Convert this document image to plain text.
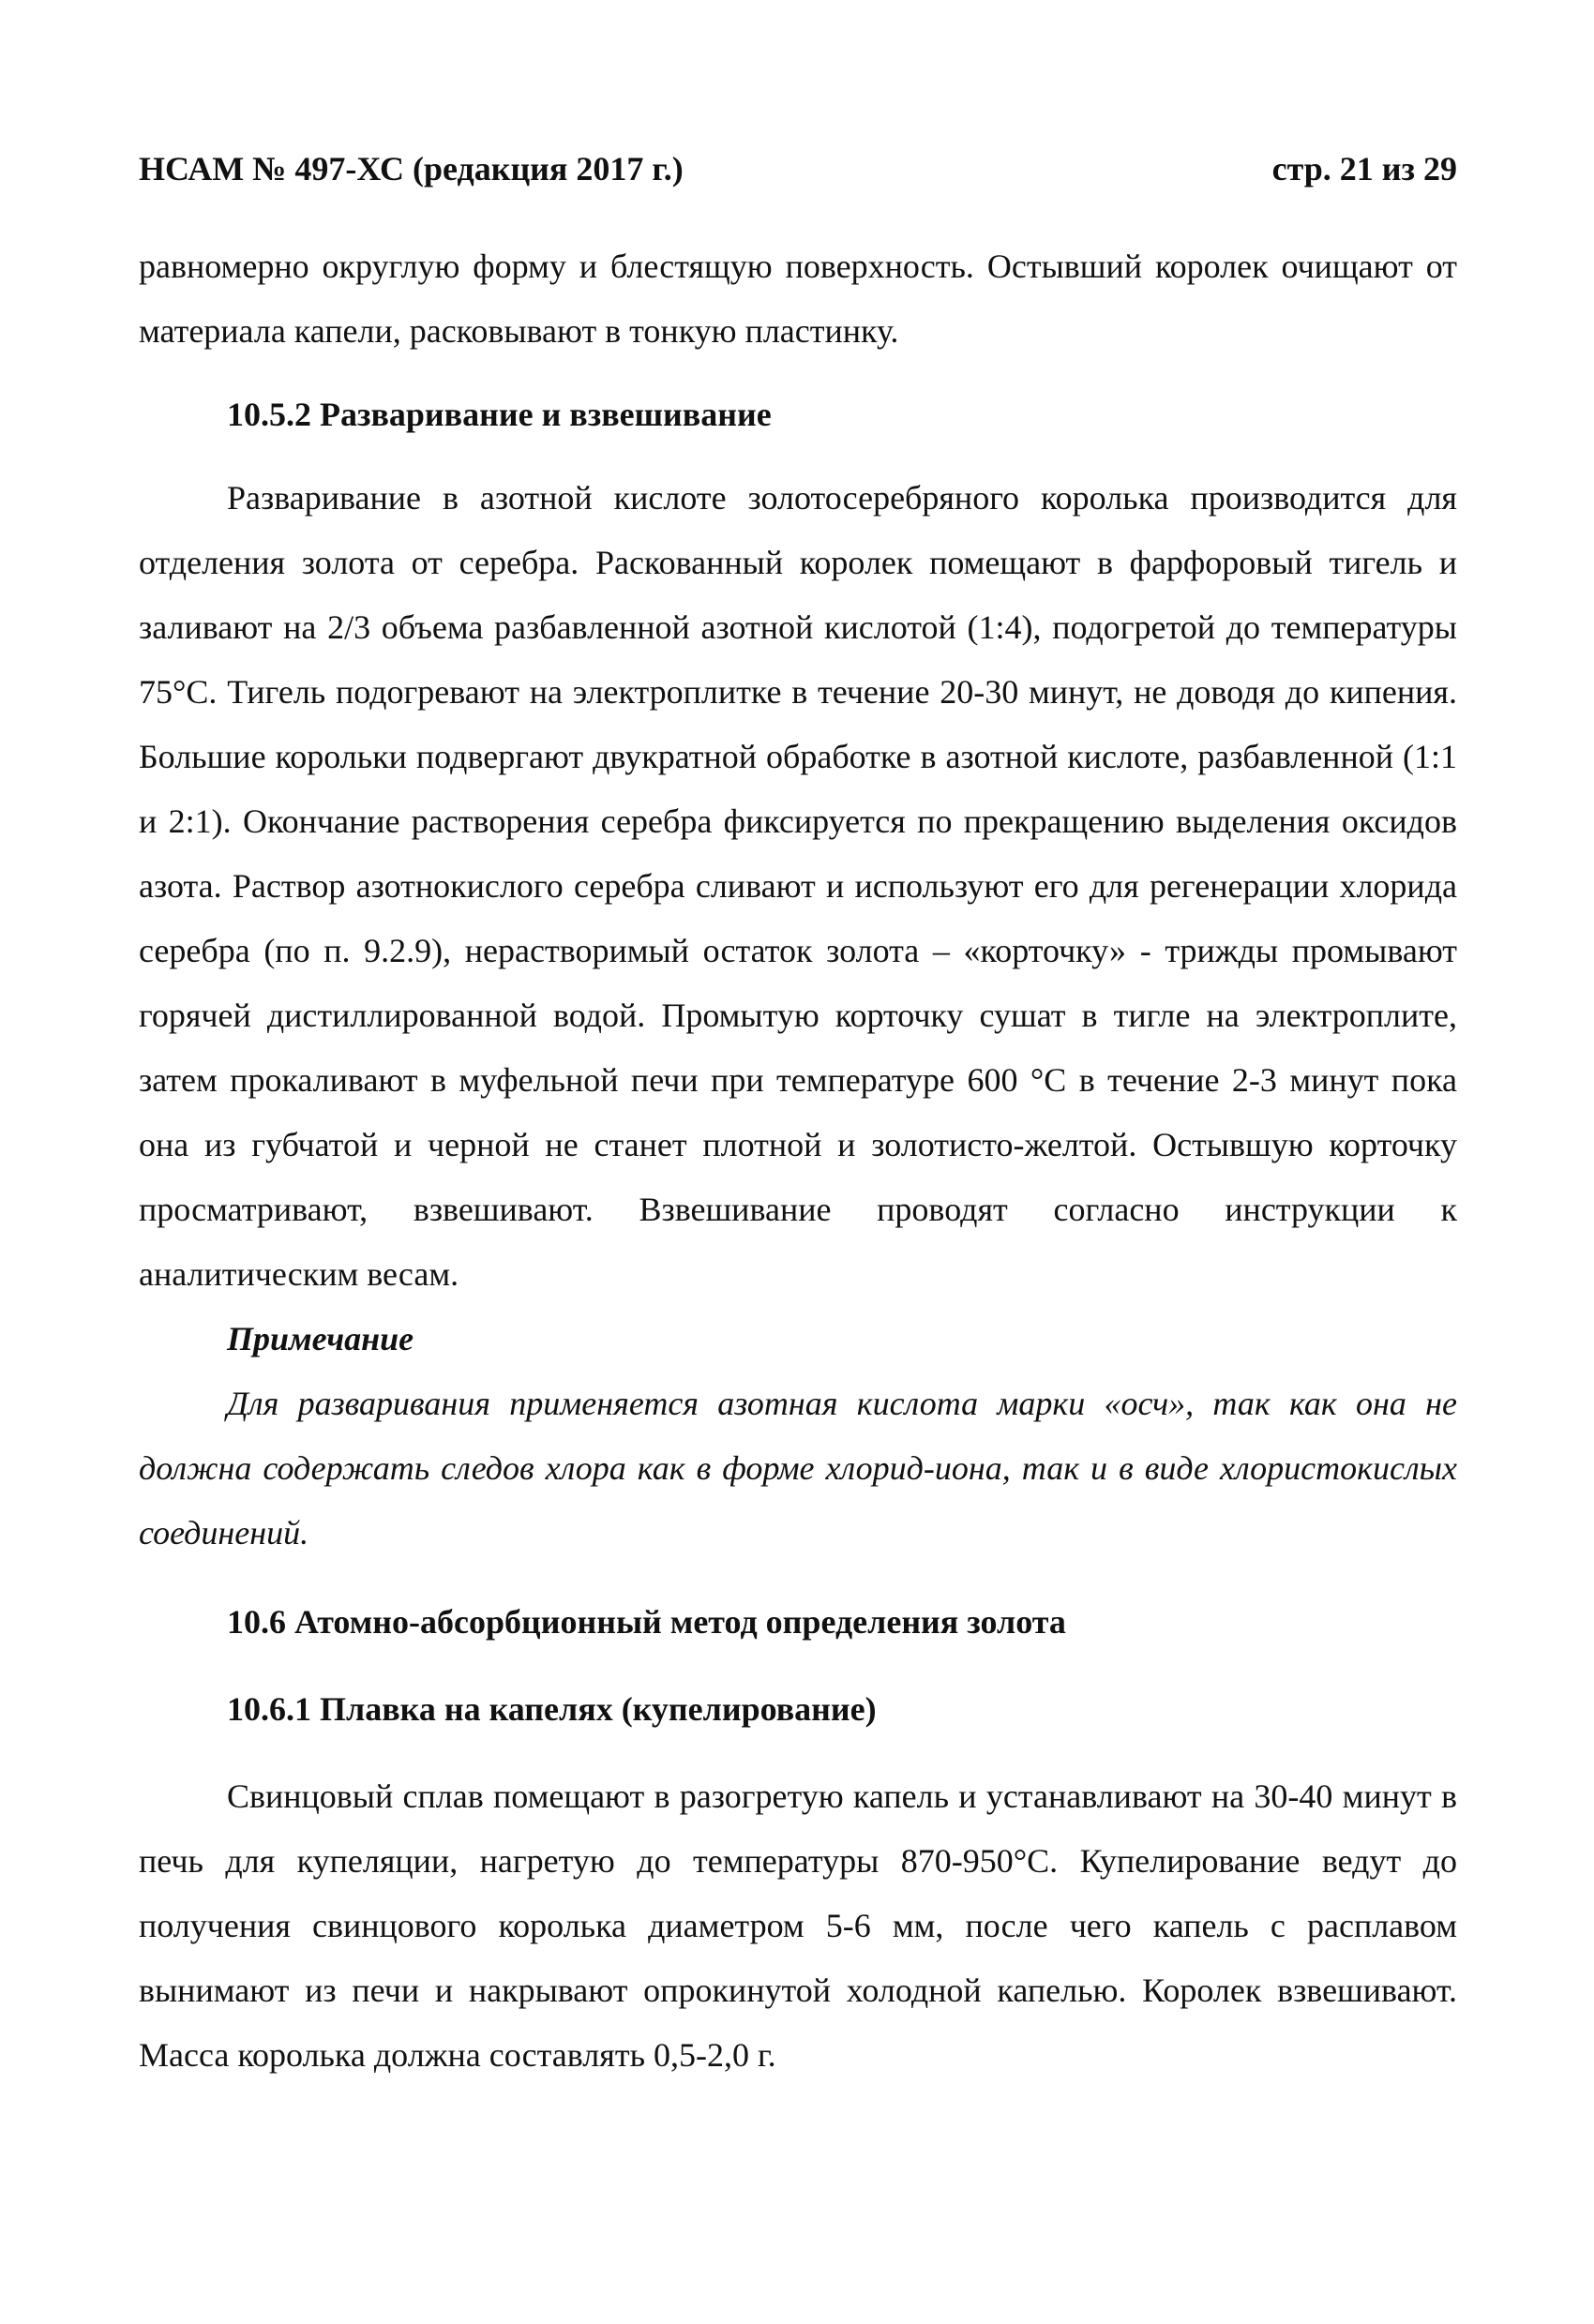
НСАМ № 497-ХС (редакция 2017 г.)	стр. 21 из 29

равномерно округлую форму и блестящую поверхность. Остывший королек очищают от материала капели, расковывают в тонкую пластинку.

10.5.2 Разваривание и взвешивание

Разваривание в азотной кислоте золотосеребряного королька производится для отделения золота от серебра. Раскованный королек помещают в фарфоровый тигель и заливают на 2/3 объема разбавленной азотной кислотой (1:4), подогретой до температуры 75°С. Тигель подогревают на электроплитке в течение 20-30 минут, не доводя до кипения. Большие корольки подвергают двукратной обработке в азотной кислоте, разбавленной (1:1 и 2:1). Окончание растворения серебра фиксируется по прекращению выделения оксидов азота. Раствор азотнокислого серебра сливают и используют его для регенерации хлорида серебра (по п. 9.2.9), нерастворимый остаток золота – «корточку» - трижды промывают горячей дистиллированной водой. Промытую корточку сушат в тигле на электроплите, затем прокаливают в муфельной печи при температуре 600 °С в течение 2-3 минут пока она из губчатой и черной не станет плотной и золотисто-желтой. Остывшую корточку просматривают, взвешивают. Взвешивание проводят согласно инструкции к аналитическим весам.

Примечание

Для разваривания применяется азотная кислота марки «осч», так как она не должна содержать следов хлора как в форме хлорид-иона, так и в виде хлористокислых соединений.

10.6 Атомно-абсорбционный метод определения золота
10.6.1 Плавка на капелях (купелирование)

Свинцовый сплав помещают в разогретую капель и устанавливают на 30-40 минут в печь для купеляции, нагретую до температуры 870-950°С. Купелирование ведут до получения свинцового королька диаметром 5-6 мм, после чего капель с расплавом вынимают из печи и накрывают опрокинутой холодной капелью. Королек взвешивают. Масса королька должна составлять 0,5-2,0 г.
